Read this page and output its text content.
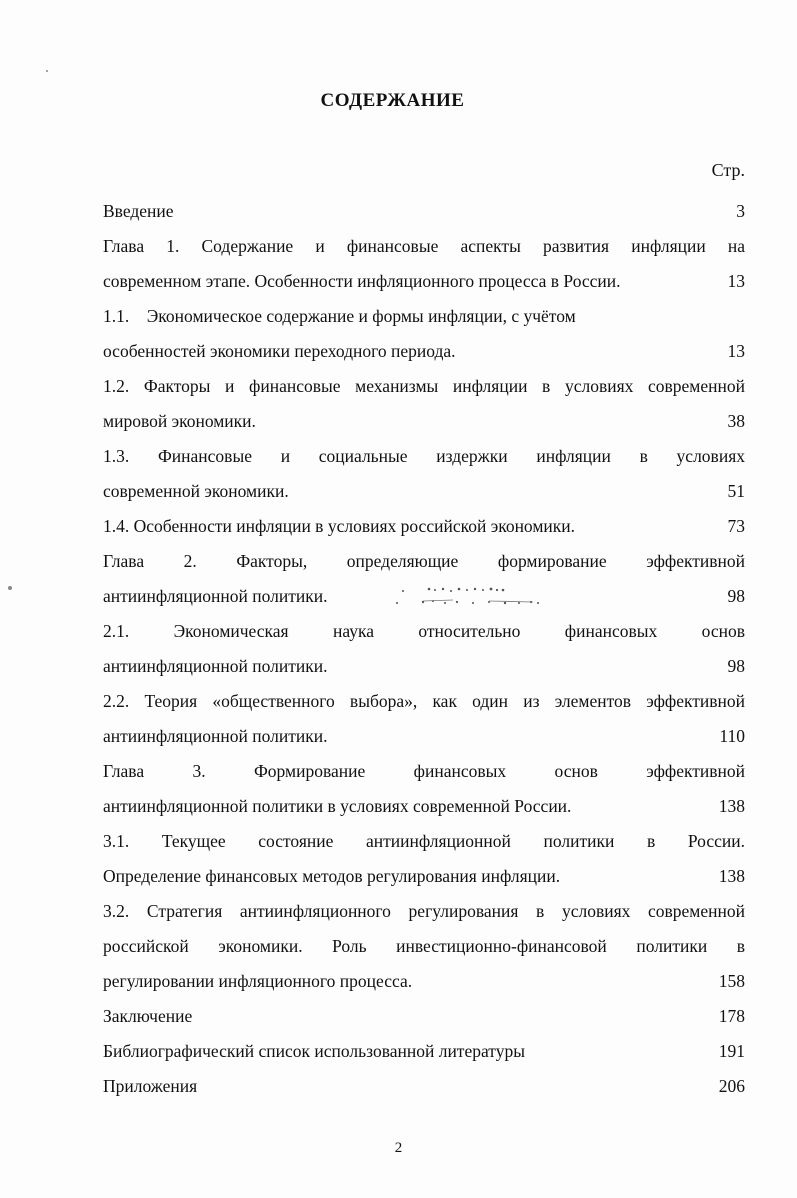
СОДЕРЖАНИЕ
Стр.
Введение	3
Глава 1. Содержание и финансовые аспекты развития инфляции на
современном этапе. Особенности инфляционного процесса в России.	13
1.1.    Экономическое содержание и формы инфляции, с учётом
особенностей экономики переходного периода.	13
1.2. Факторы и финансовые механизмы инфляции в условиях современной
мировой экономики.	38
1.3. Финансовые и социальные издержки инфляции в условиях
современной экономики.	51
1.4. Особенности инфляции в условиях российской экономики.	73
Глава 2. Факторы, определяющие формирование эффективной
антиинфляционной политики.	98
2.1. Экономическая наука относительно финансовых основ
антиинфляционной политики.	98
2.2. Теория «общественного выбора», как один из элементов эффективной
антиинфляционной политики.	110
Глава 3. Формирование финансовых основ эффективной
антиинфляционной политики в условиях современной России.	138
3.1. Текущее состояние антиинфляционной политики в России.
Определение финансовых методов регулирования инфляции.	138
3.2. Стратегия антиинфляционного регулирования в условиях современной
российской экономики. Роль инвестиционно-финансовой политики в
регулировании инфляционного процесса.	158
Заключение	178
Библиографический список использованной литературы	191
Приложения	206
2
